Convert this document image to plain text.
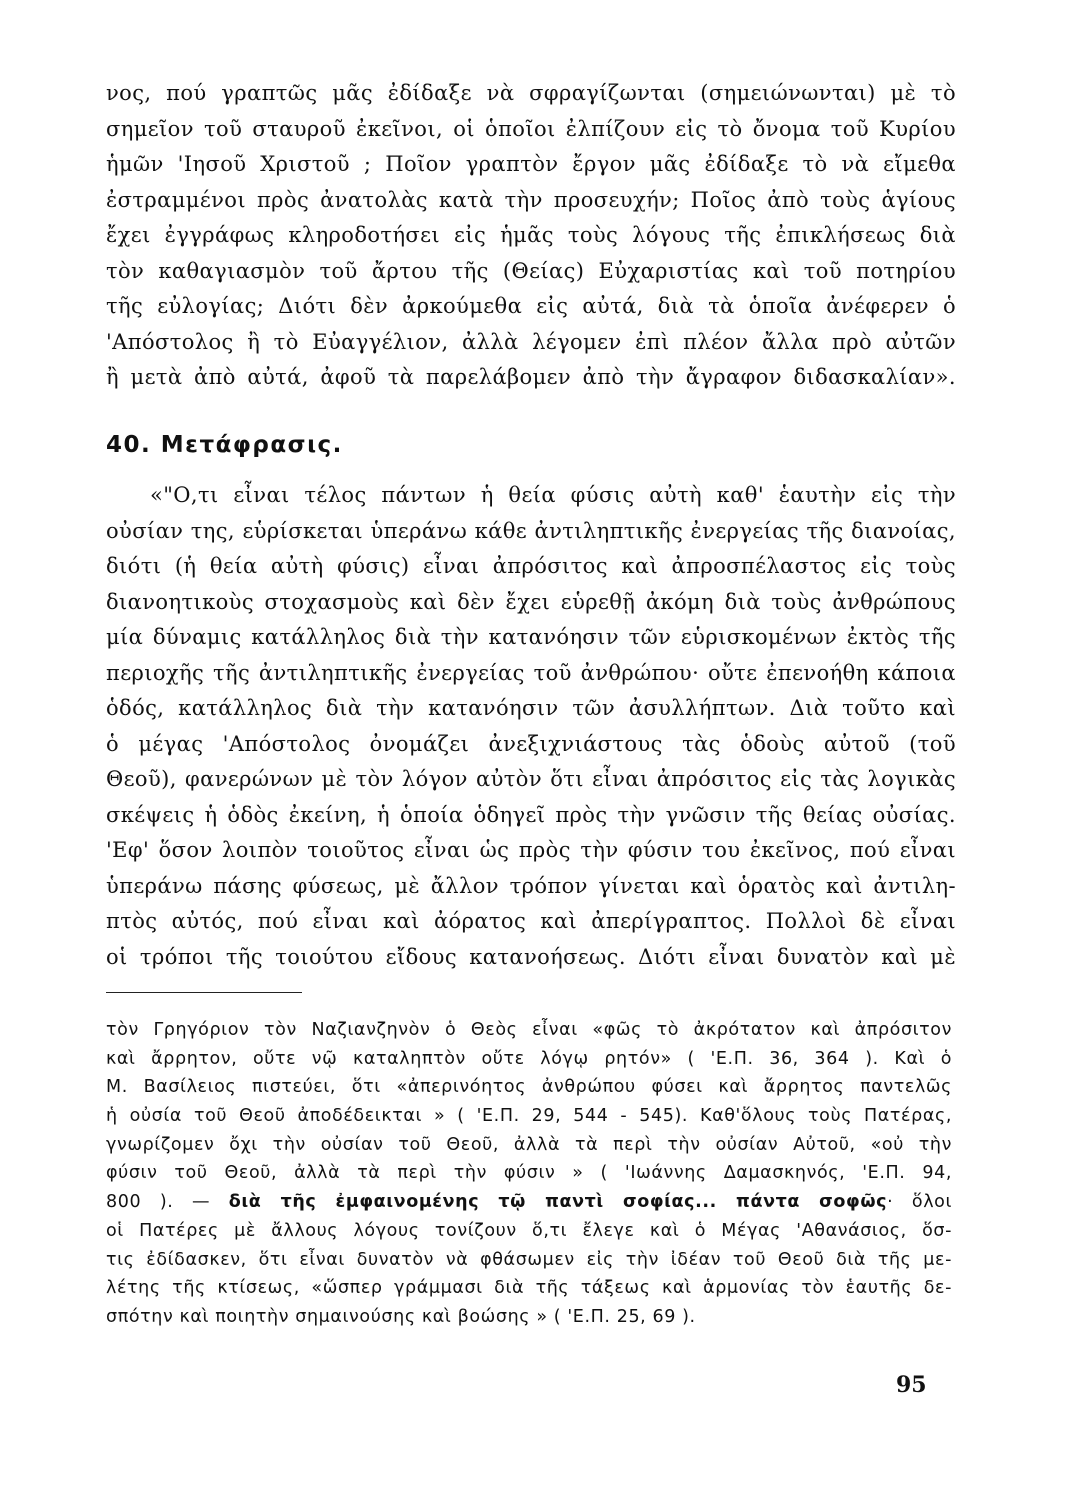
νος, πού γραπτῶς μᾶς ἐδίδαξε νὰ σφραγίζωνται (σημειώνωνται) μὲ τὸ
σημεῖον τοῦ σταυροῦ ἐκεῖνοι, οἱ ὁποῖοι ἐλπίζουν εἰς τὸ ὄνομα τοῦ Κυρίου
ἡμῶν 'Ιησοῦ Χριστοῦ ; Ποῖον γραπτὸν ἔργον μᾶς ἐδίδαξε τὸ νὰ εἴμεθα
ἐστραμμένοι πρὸς ἀνατολὰς κατὰ τὴν προσευχήν; Ποῖος ἀπὸ τοὺς ἁγίους
ἔχει ἐγγράφως κληροδοτήσει εἰς ἡμᾶς τοὺς λόγους τῆς ἐπικλήσεως διὰ
τὸν καθαγιασμὸν τοῦ ἄρτου τῆς (Θείας) Εὐχαριστίας καὶ τοῦ ποτηρίου
τῆς εὐλογίας; Διότι δὲν ἀρκούμεθα εἰς αὐτά, διὰ τὰ ὁποῖα ἀνέφερεν ὁ
'Απόστολος ἢ τὸ Εὐαγγέλιον, ἀλλὰ λέγομεν ἐπὶ πλέον ἄλλα πρὸ αὐτῶν
ἢ μετὰ ἀπὸ αὐτά, ἀφοῦ τὰ παρελάβομεν ἀπὸ τὴν ἄγραφον διδασκαλίαν».
40. Μετάφρασις.
«"Ο,τι εἶναι τέλος πάντων ἡ θεία φύσις αὐτὴ καθ' ἑαυτὴν εἰς τὴν
οὐσίαν της, εὑρίσκεται ὑπεράνω κάθε ἀντιληπτικῆς ἐνεργείας τῆς διανοίας,
διότι (ἡ θεία αὐτὴ φύσις) εἶναι ἀπρόσιτος καὶ ἀπροσπέλαστος εἰς τοὺς
διανοητικοὺς στοχασμοὺς καὶ δὲν ἔχει εὑρεθῇ ἀκόμη διὰ τοὺς ἀνθρώπους
μία δύναμις κατάλληλος διὰ τὴν κατανόησιν τῶν εὑρισκομένων ἐκτὸς τῆς
περιοχῆς τῆς ἀντιληπτικῆς ἐνεργείας τοῦ ἀνθρώπου· οὔτε ἐπενοήθη κάποια
ὁδός, κατάλληλος διὰ τὴν κατανόησιν τῶν ἀσυλλήπτων. Διὰ τοῦτο καὶ
ὁ μέγας 'Απόστολος ὀνομάζει ἀνεξιχνιάστους τὰς ὁδοὺς αὐτοῦ (τοῦ
Θεοῦ), φανερώνων μὲ τὸν λόγον αὐτὸν ὅτι εἶναι ἀπρόσιτος εἰς τὰς λογικὰς
σκέψεις ἡ ὁδὸς ἐκείνη, ἡ ὁποία ὁδηγεῖ πρὸς τὴν γνῶσιν τῆς θείας οὐσίας.
'Εφ' ὅσον λοιπὸν τοιοῦτος εἶναι ὡς πρὸς τὴν φύσιν του ἐκεῖνος, πού εἶναι
ὑπεράνω πάσης φύσεως, μὲ ἄλλον τρόπον γίνεται καὶ ὁρατὸς καὶ ἀντιλη-
πτὸς αὐτός, πού εἶναι καὶ ἀόρατος καὶ ἀπερίγραπτος. Πολλοὶ δὲ εἶναι
οἱ τρόποι τῆς τοιούτου εἴδους κατανοήσεως. Διότι εἶναι δυνατὸν καὶ μὲ
τὸν Γρηγόριον τὸν Ναζιανζηνὸν ὁ Θεὸς εἶναι «φῶς τὸ ἀκρότατον καὶ ἀπρόσιτον
καὶ ἄρρητον, οὔτε νῷ καταληπτὸν οὔτε λόγῳ ρητόν» ( 'Ε.Π. 36, 364 ). Καὶ ὁ
Μ. Βασίλειος πιστεύει, ὅτι «ἀπερινόητος ἀνθρώπου φύσει καὶ ἄρρητος παντελῶς
ἡ οὐσία τοῦ Θεοῦ ἀποδέδεικται » ( 'Ε.Π. 29, 544 - 545). Καθ'ὅλους τοὺς Πατέρας,
γνωρίζομεν ὄχι τὴν οὐσίαν τοῦ Θεοῦ, ἀλλὰ τὰ περὶ τὴν οὐσίαν Αὐτοῦ, «οὐ τὴν
φύσιν τοῦ Θεοῦ, ἀλλὰ τὰ περὶ τὴν φύσιν » ( 'Ιωάννης Δαμασκηνός, 'Ε.Π. 94,
800 ). — διὰ τῆς ἐμφαινομένης τῷ παντὶ σοφίας... πάντα σοφῶς· ὅλοι
οἱ Πατέρες μὲ ἄλλους λόγους τονίζουν ὅ,τι ἔλεγε καὶ ὁ Μέγας 'Αθανάσιος, ὅσ-
τις ἐδίδασκεν, ὅτι εἶναι δυνατὸν νὰ φθάσωμεν εἰς τὴν ἰδέαν τοῦ Θεοῦ διὰ τῆς με-
λέτης τῆς κτίσεως, «ὥσπερ γράμμασι διὰ τῆς τάξεως καὶ ἁρμονίας τὸν ἑαυτῆς δε-
σπότην καὶ ποιητὴν σημαινούσης καὶ βοώσης » ( 'Ε.Π. 25, 69 ).
95
